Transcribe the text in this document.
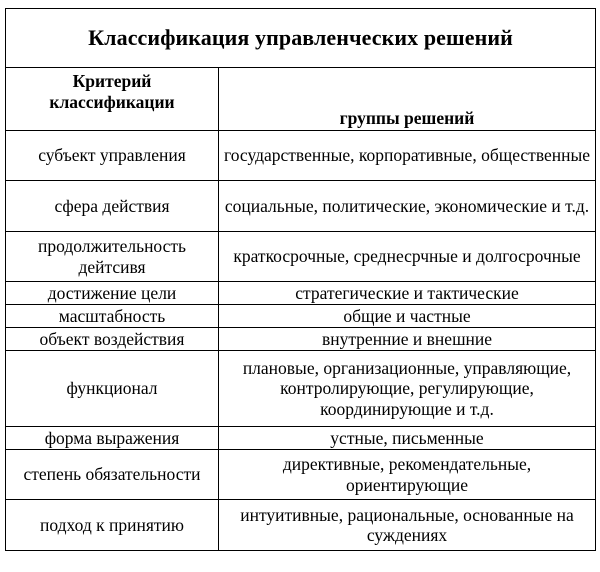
Классификация управленческих решений	

Критерий
классификации	группы решений
субъект управления	государственные, корпоративные, общественные
сфера действия	социальные, политические, экономические и т.д.
продолжительность дейтсивя	краткосрочные, среднесрчные и долгосрочные
достижение цели	стратегические и тактические
масштабность	общие и частные
объект воздействия	внутренние и внешние
функционал	плановые, организационные, управляющие, контролирующие, регулирующие, координирующие и т.д.
форма выражения	устные, письменные
степень обязательности	директивные, рекомендательные, ориентирующие
подход к принятию	интуитивные, рациональные, основанные на суждениях
